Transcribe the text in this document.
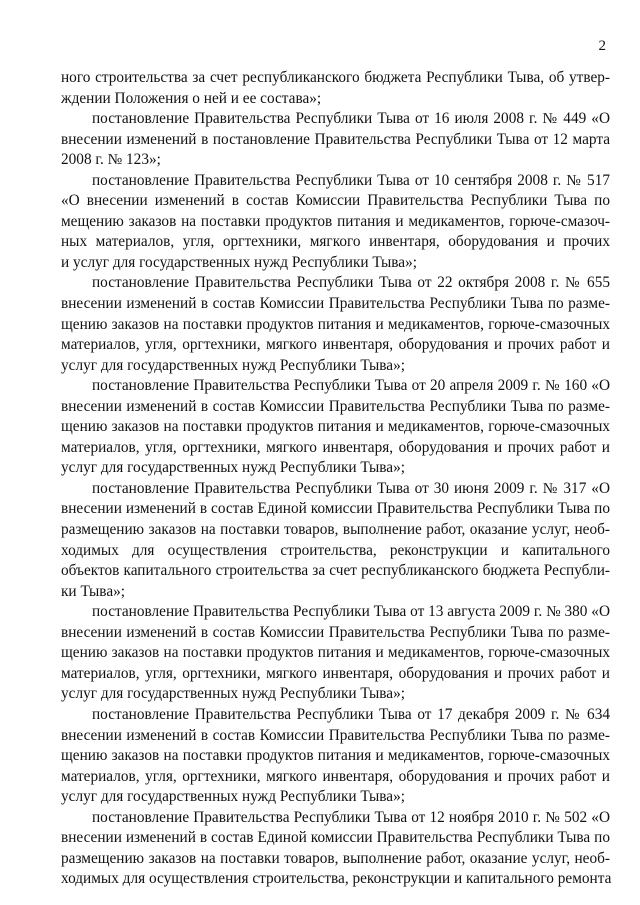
2
ного строительства за счет республиканского бюджета Республики Тыва, об утвер-
ждении Положения о ней и ее состава»;
постановление Правительства Республики Тыва от 16 июля 2008 г. № 449 «О
внесении изменений в постановление Правительства Республики Тыва от 12 марта
2008 г. № 123»;
постановление Правительства Республики Тыва от 10 сентября 2008 г. № 517
«О внесении изменений в состав Комиссии Правительства Республики Тыва по
мещению заказов на поставки продуктов питания и медикаментов, горюче-смазоч-
ных материалов, угля, оргтехники, мягкого инвентаря, оборудования и прочих
и услуг для государственных нужд Республики Тыва»;
постановление Правительства Республики Тыва от 22 октября 2008 г. № 655
внесении изменений в состав Комиссии Правительства Республики Тыва по разме-
щению заказов на поставки продуктов питания и медикаментов, горюче-смазочных
материалов, угля, оргтехники, мягкого инвентаря, оборудования и прочих работ и
услуг для государственных нужд Республики Тыва»;
постановление Правительства Республики Тыва от 20 апреля 2009 г. № 160 «О
внесении изменений в состав Комиссии Правительства Республики Тыва по разме-
щению заказов на поставки продуктов питания и медикаментов, горюче-смазочных
материалов, угля, оргтехники, мягкого инвентаря, оборудования и прочих работ и
услуг для государственных нужд Республики Тыва»;
постановление Правительства Республики Тыва от 30 июня 2009 г. № 317 «О
внесении изменений в состав Единой комиссии Правительства Республики Тыва по
размещению заказов на поставки товаров, выполнение работ, оказание услуг, необ-
ходимых для осуществления строительства, реконструкции и капитального
объектов капитального строительства за счет республиканского бюджета Республи-
ки Тыва»;
постановление Правительства Республики Тыва от 13 августа 2009 г. № 380 «О
внесении изменений в состав Комиссии Правительства Республики Тыва по разме-
щению заказов на поставки продуктов питания и медикаментов, горюче-смазочных
материалов, угля, оргтехники, мягкого инвентаря, оборудования и прочих работ и
услуг для государственных нужд Республики Тыва»;
постановление Правительства Республики Тыва от 17 декабря 2009 г. № 634
внесении изменений в состав Комиссии Правительства Республики Тыва по разме-
щению заказов на поставки продуктов питания и медикаментов, горюче-смазочных
материалов, угля, оргтехники, мягкого инвентаря, оборудования и прочих работ и
услуг для государственных нужд Республики Тыва»;
постановление Правительства Республики Тыва от 12 ноября 2010 г. № 502 «О
внесении изменений в состав Единой комиссии Правительства Республики Тыва по
размещению заказов на поставки товаров, выполнение работ, оказание услуг, необ-
ходимых для осуществления строительства, реконструкции и капитального ремонта
